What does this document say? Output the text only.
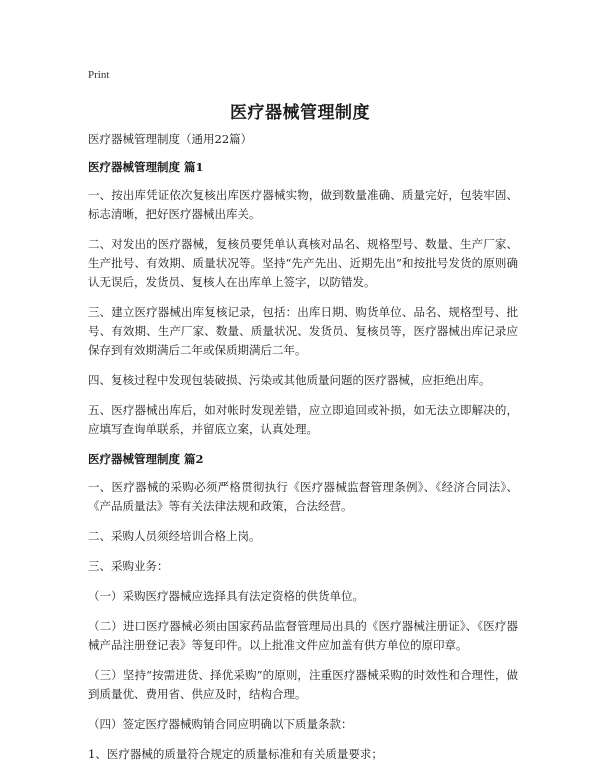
Print
医疗器械管理制度

医疗器械管理制度（通用22篇）

医疗器械管理制度 篇1

一、按出库凭证依次复核出库医疗器械实物，做到数量准确、质量完好，包装牢固、标志清晰，把好医疗器械出库关。

二、对发出的医疗器械，复核员要凭单认真核对品名、规格型号、数量、生产厂家、生产批号、有效期、质量状况等。坚持“先产先出、近期先出”和按批号发货的原则确认无误后，发货员、复核人在出库单上签字，以防错发。

三、建立医疗器械出库复核记录，包括：出库日期、购货单位、品名、规格型号、批号、有效期、生产厂家、数量、质量状况、发货员、复核员等，医疗器械出库记录应保存到有效期满后二年或保质期满后二年。

四、复核过程中发现包装破损、污染或其他质量问题的医疗器械，应拒绝出库。

五、医疗器械出库后，如对帐时发现差错，应立即追回或补损，如无法立即解决的，应填写查询单联系，并留底立案，认真处理。

医疗器械管理制度 篇2

一、医疗器械的采购必须严格贯彻执行《医疗器械监督管理条例》、《经济合同法》、《产品质量法》等有关法律法规和政策，合法经营。

二、采购人员须经培训合格上岗。

三、采购业务：

（一）采购医疗器械应选择具有法定资格的供货单位。

（二）进口医疗器械必须由国家药品监督管理局出具的《医疗器械注册证》、《医疗器械产品注册登记表》等复印件。以上批准文件应加盖有供方单位的原印章。

（三）坚持“按需进货、择优采购”的原则，注重医疗器械采购的时效性和合理性，做到质量优、费用省、供应及时，结构合理。

（四）签定医疗器械购销合同应明确以下质量条款：

1、医疗器械的质量符合规定的质量标准和有关质量要求；
